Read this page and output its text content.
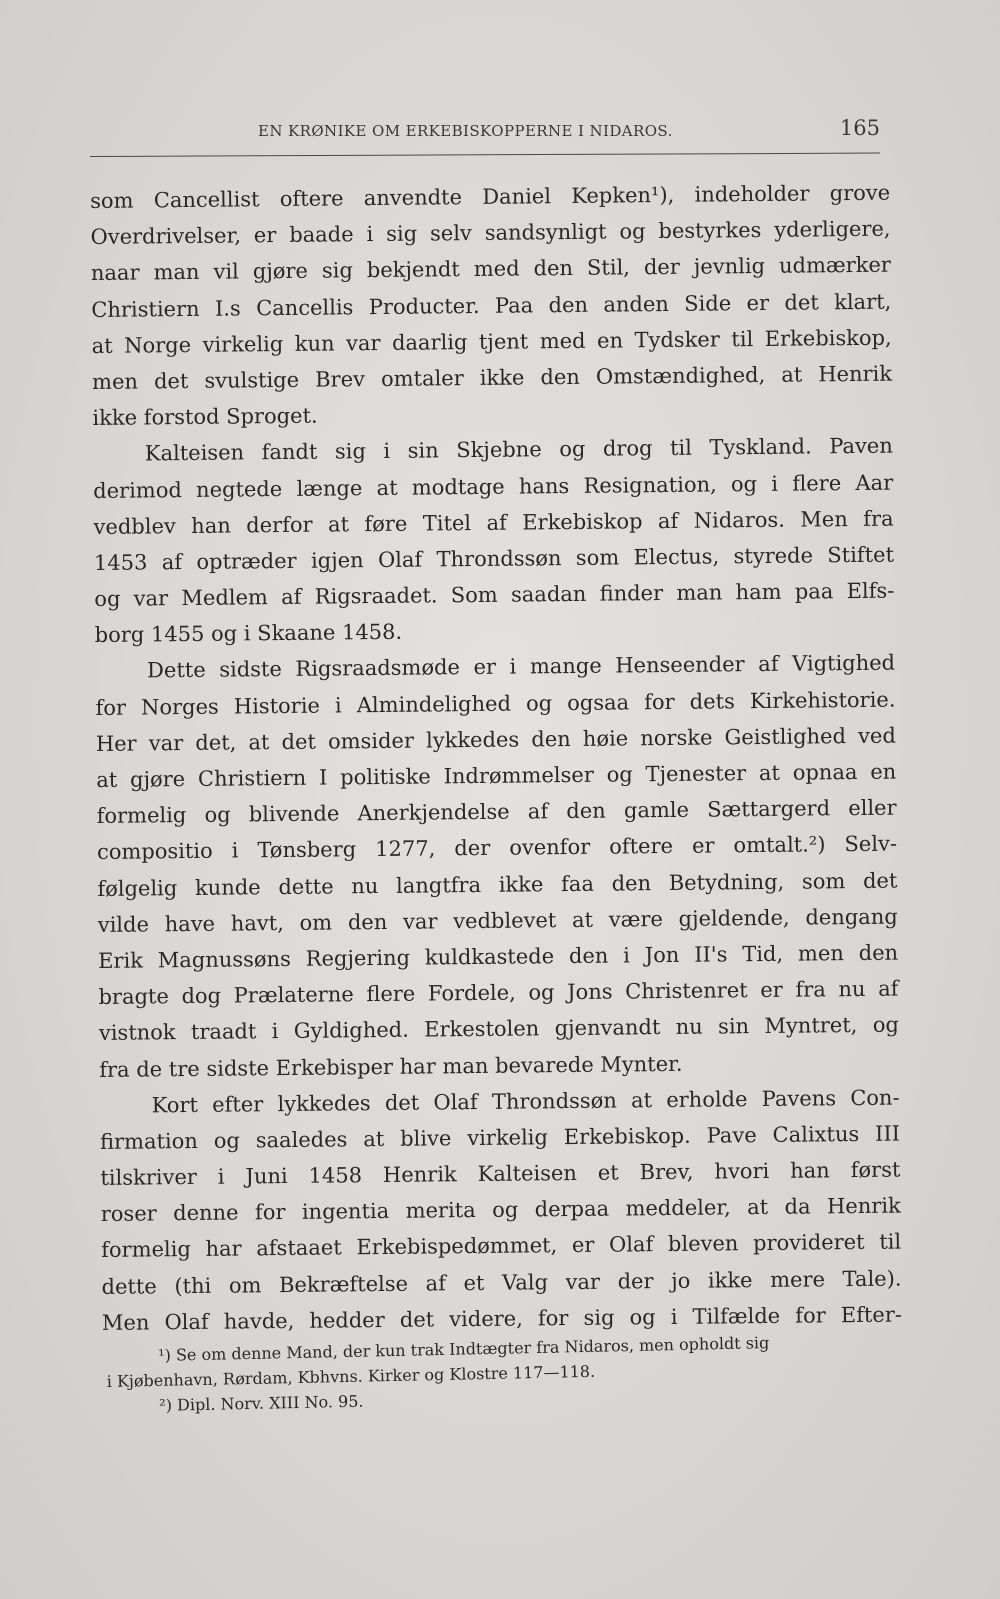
EN KRØNIKE OM ERKEBISKOPPERNE I NIDAROS.	165
som Cancellist oftere anvendte Daniel Kepken¹), indeholder grove
Overdrivelser, er baade i sig selv sandsynligt og bestyrkes yderligere,
naar man vil gjøre sig bekjendt med den Stil, der jevnlig udmærker
Christiern I.s Cancellis Producter. Paa den anden Side er det klart,
at Norge virkelig kun var daarlig tjent med en Tydsker til Erkebiskop,
men det svulstige Brev omtaler ikke den Omstændighed, at Henrik
ikke forstod Sproget.
Kalteisen fandt sig i sin Skjebne og drog til Tyskland. Paven
derimod negtede længe at modtage hans Resignation, og i flere Aar
vedblev han derfor at føre Titel af Erkebiskop af Nidaros. Men fra
1453 af optræder igjen Olaf Throndssøn som Electus, styrede Stiftet
og var Medlem af Rigsraadet. Som saadan finder man ham paa Elfs-
borg 1455 og i Skaane 1458.
Dette sidste Rigsraadsmøde er i mange Henseender af Vigtighed
for Norges Historie i Almindelighed og ogsaa for dets Kirkehistorie.
Her var det, at det omsider lykkedes den høie norske Geistlighed ved
at gjøre Christiern I politiske Indrømmelser og Tjenester at opnaa en
formelig og blivende Anerkjendelse af den gamle Sættargerd eller
compositio i Tønsberg 1277, der ovenfor oftere er omtalt.²) Selv-
følgelig kunde dette nu langtfra ikke faa den Betydning, som det
vilde have havt, om den var vedblevet at være gjeldende, dengang
Erik Magnussøns Regjering kuldkastede den i Jon II's Tid, men den
bragte dog Prælaterne flere Fordele, og Jons Christenret er fra nu af
vistnok traadt i Gyldighed. Erkestolen gjenvandt nu sin Myntret, og
fra de tre sidste Erkebisper har man bevarede Mynter.
Kort efter lykkedes det Olaf Throndssøn at erholde Pavens Con-
firmation og saaledes at blive virkelig Erkebiskop. Pave Calixtus III
tilskriver i Juni 1458 Henrik Kalteisen et Brev, hvori han først
roser denne for ingentia merita og derpaa meddeler, at da Henrik
formelig har afstaaet Erkebispedømmet, er Olaf bleven provideret til
dette (thi om Bekræftelse af et Valg var der jo ikke mere Tale).
Men Olaf havde, hedder det videre, for sig og i Tilfælde for Efter-
¹) Se om denne Mand, der kun trak Indtægter fra Nidaros, men opholdt sig
i Kjøbenhavn, Rørdam, Kbhvns. Kirker og Klostre 117—118.
²) Dipl. Norv. XIII No. 95.
